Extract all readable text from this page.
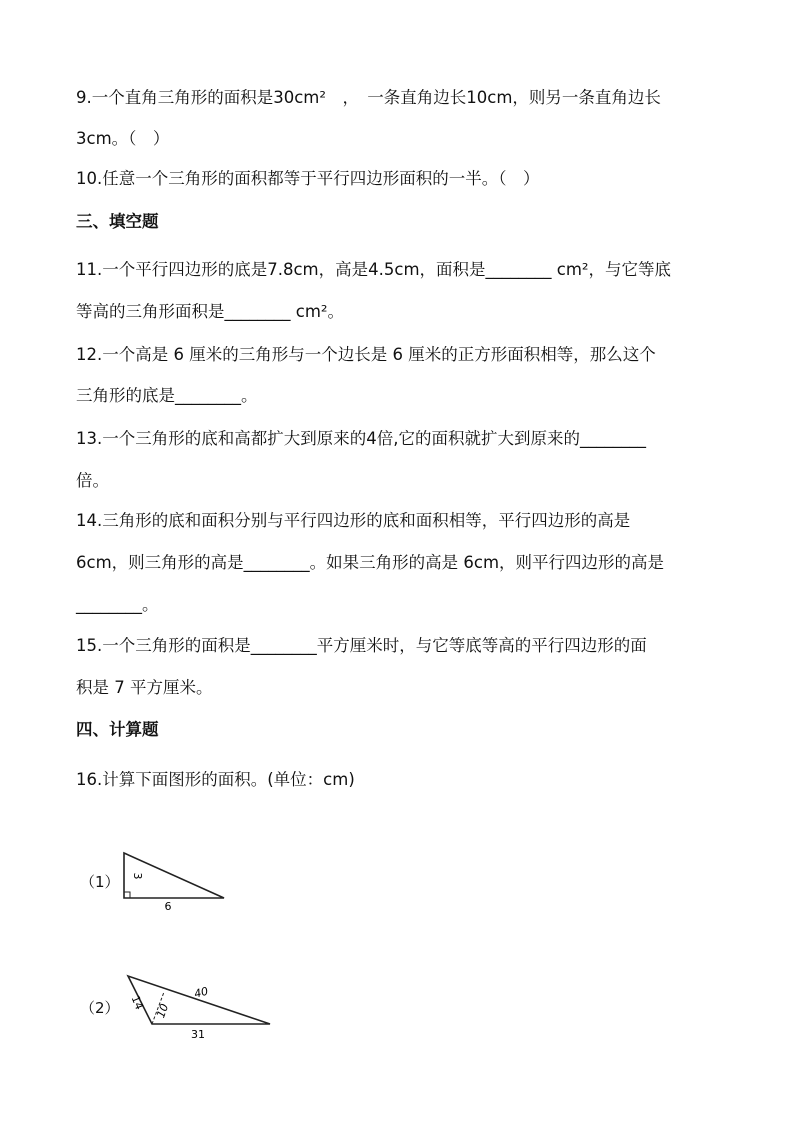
9.一个直角三角形的面积是30cm²　，　一条直角边长10cm，则另一条直角边长
3cm。（　）
10.任意一个三角形的面积都等于平行四边形面积的一半。（　）
三、填空题
11.一个平行四边形的底是7.8cm，高是4.5cm，面积是________ cm²，与它等底
等高的三角形面积是________ cm²。
12.一个高是 6 厘米的三角形与一个边长是 6 厘米的正方形面积相等，那么这个
三角形的底是________。
13.一个三角形的底和高都扩大到原来的4倍,它的面积就扩大到原来的________
倍。
14.三角形的底和面积分别与平行四边形的底和面积相等，平行四边形的高是
6cm，则三角形的高是________。如果三角形的高是 6cm，则平行四边形的高是
________。
15.一个三角形的面积是________平方厘米时，与它等底等高的平行四边形的面
积是 7 平方厘米。
四、计算题
16.计算下面图形的面积。(单位：cm)
（1） 3
6
（2） 14 10
40
31
